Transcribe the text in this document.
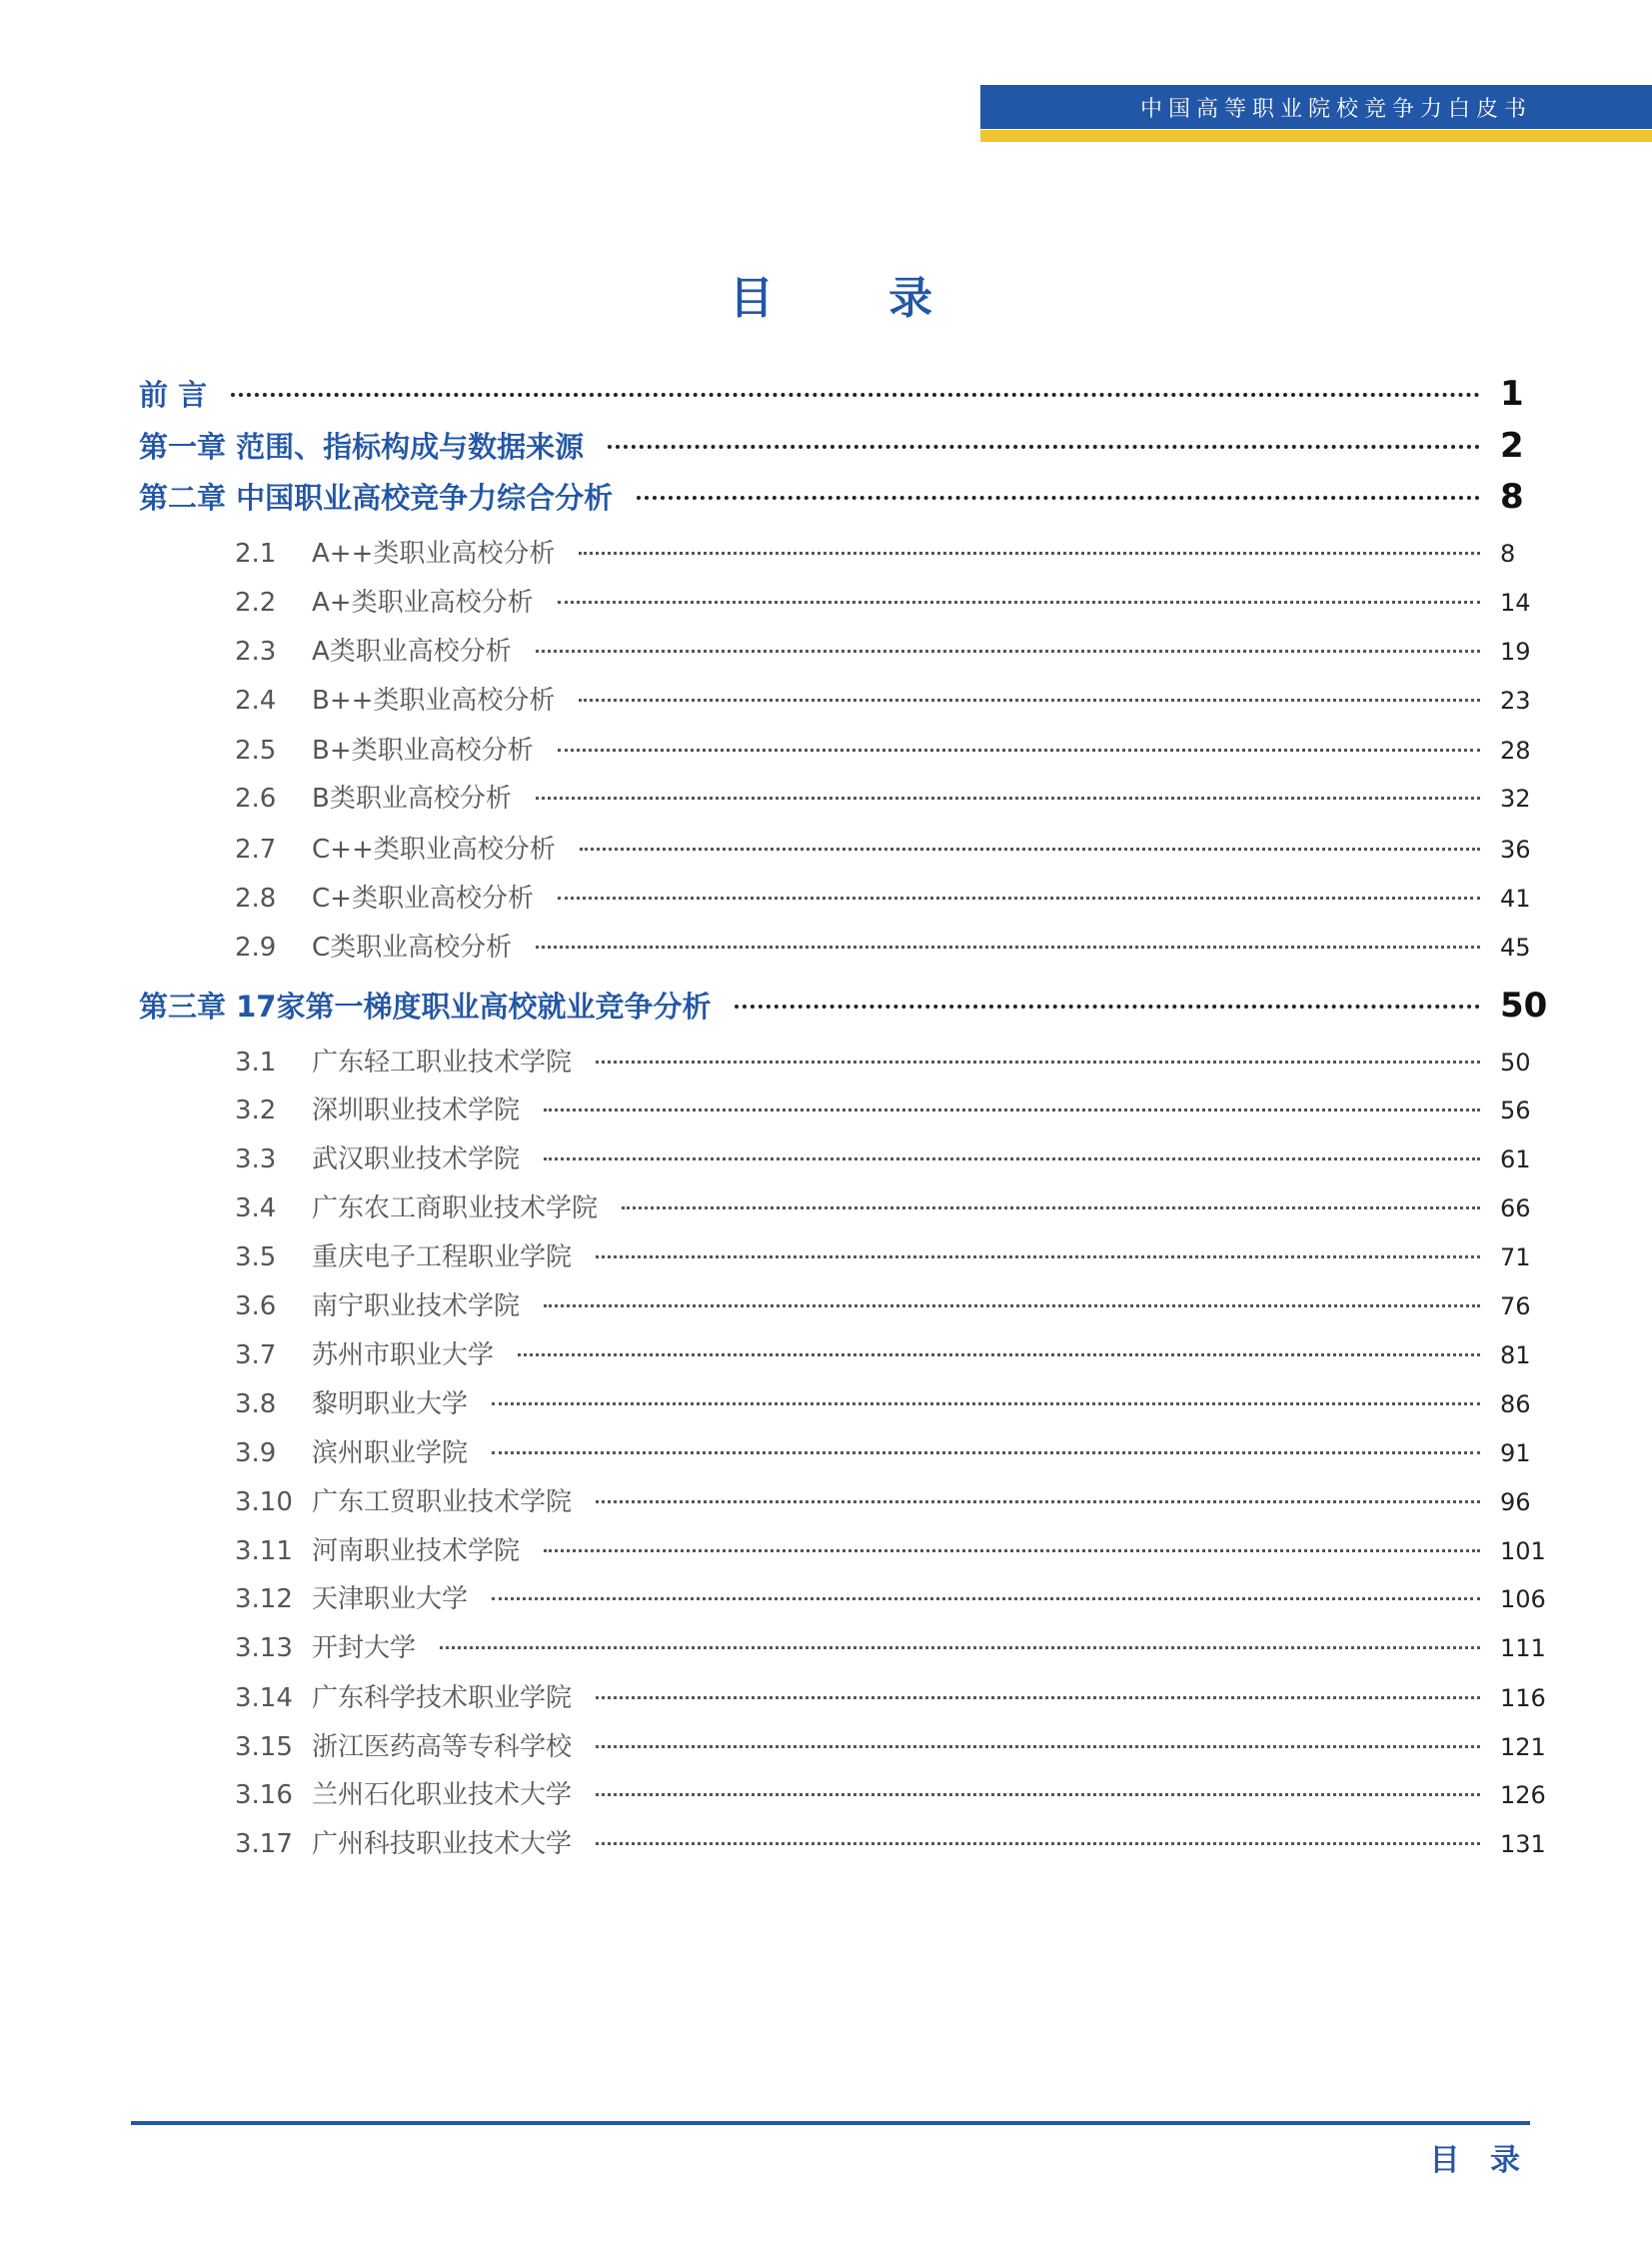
中国高等职业院校竞争力白皮书
目 录
前 言	1
第一章 范围、指标构成与数据来源	2
第二章 中国职业高校竞争力综合分析	8
2.1	A++类职业高校分析	8
2.2	A+类职业高校分析	14
2.3	A类职业高校分析	19
2.4	B++类职业高校分析	23
2.5	B+类职业高校分析	28
2.6	B类职业高校分析	32
2.7	C++类职业高校分析	36
2.8	C+类职业高校分析	41
2.9	C类职业高校分析	45
第三章 17家第一梯度职业高校就业竞争分析	50
3.1	广东轻工职业技术学院	50
3.2	深圳职业技术学院	56
3.3	武汉职业技术学院	61
3.4	广东农工商职业技术学院	66
3.5	重庆电子工程职业学院	71
3.6	南宁职业技术学院	76
3.7	苏州市职业大学	81
3.8	黎明职业大学	86
3.9	滨州职业学院	91
3.10 广东工贸职业技术学院	96
3.11 河南职业技术学院	101
3.12 天津职业大学	106
3.13 开封大学	111
3.14 广东科学技术职业学院	116
3.15 浙江医药高等专科学校	121
3.16 兰州石化职业技术大学	126
3.17 广州科技职业技术大学	131
目 录
